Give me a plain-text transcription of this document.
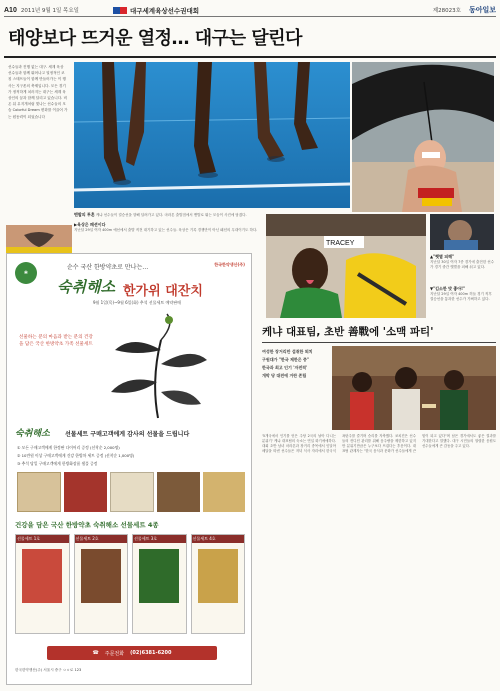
A10 2011년 9월 1일 목요일	대구세계육상선수권대회	제28023호 동아일보
태양보다 뜨거운 열정… 대구는 달린다
선수들과 진행 없는 대구. 세계 육상 선수들과 함께 뛰어나고 열정적인 코칭 스태프들이 함께 만들어가는 이 행사는 지구촌의 축제입니다. 모든 경기가 정직하게 치러지는 대구는 세계 육상인의 꿈과 함께 달리고 있습니다. 비 온 뒤 무지개처럼 빛나는 선수들의 모습 Colorful Dream 변화를 이끌어 가는 원동력이 되었습니다
맨발의 투혼 케냐 선수들이 결승선을 향해 달려가고 있다. 마라톤 출발점에서 맨발로 뛰는 모습이 사진에 담겼다.
▶육상은 패션이다
지난달 29일 여자 400m 예선에서 출발 직전 대기하고 있는 선수들. 육상은 기록 경쟁만이 아닌 패션의 무대이기도 하다.
TRACEY
▲"햇볕 피해"
지난달 30일 여자 7종 경기에 출전한 선수가 경기 중간 햇볕을 피해 쉬고 있다.
▼"김소한 맛 좋아!"
지난달 29일 여자 400m 허들 경기 직후 결승선을 통과한 선수가 기뻐하고 있다.
❀
순수 국산 한방약초로 만나는…	한국한약생산(주)
숙취해소 한가위 대잔치
9월 1일(목)~9월 6일(화) 추석 선물세트 예약판매
선물하는 분의 마음과 받는 분의 건강을 담은 국산 한방약초 가족 선물세트
숙취해소	선물세트 구매고객에게 감사의 선물을 드립니다
① 모든 구매고객에게 한정판 다이어리 증정 (선착순 2,000명)
② 10만원 이상 구매고객에게 건강 한방차 세트 증정 (선착순 1,000명)
③ 추석 당일 구매고객에게 한방화장품 샘플 증정
건강을 담은 국산 한방약초 숙취해소 선물세트 4종
선물세트 1호	선물세트 2호	선물세트 3호	선물세트 4호
☎ 주문전화 (02)6381-6200
한국한약생산(주) 서울시 중구 ㅇㅇ로 123
케냐 대표팀, 초반 善戰에 '소맥 파티'
여성한 장거리만 섭취한 퇴치
구원대가 "한국 제한은 중"
한국과 최고 인기 '자전적'
개막 당 대전에 거란 존립
'5개국에서 인기를 얻은 주당 2국의 날아 다니는 분위기' 케냐 대표팀의 숙소는 연일 화기애애하다. 대회 초반 남녀 마라톤과 장거리 종목에서 잇달아 메달을 따낸 선수들은 저녁 식사 자리에서 한국식 폭탄주를 즐기며 승리를 자축했다. 코치진은 선수들의 컨디션 관리를 위해 음주량을 제한하고 있지만 분위기만큼은 누구보다 뜨겁다는 후문이다. 대표팀 관계자는 "한국 음식과 문화가 선수들에게 큰 힘이 되고 있다"며 남은 경기에서도 좋은 결과를 기대한다고 말했다. 대구 시민들의 열렬한 응원도 선수들에게 큰 감동을 주고 있다.
